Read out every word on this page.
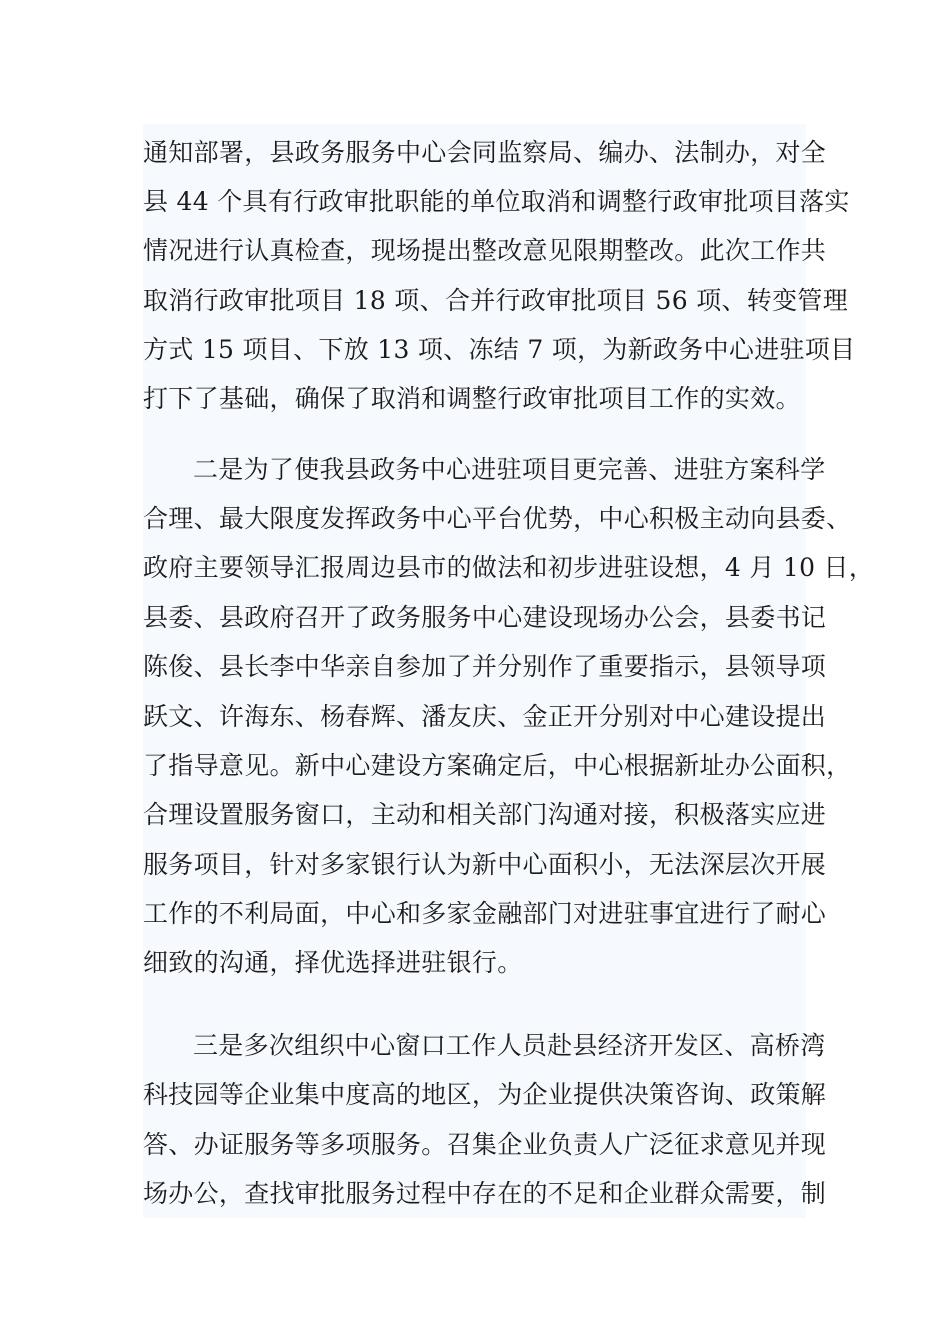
通知部署，县政务服务中心会同监察局、编办、法制办，对全
县 44 个具有行政审批职能的单位取消和调整行政审批项目落实
情况进行认真检查，现场提出整改意见限期整改。此次工作共
取消行政审批项目 18 项、合并行政审批项目 56 项、转变管理
方式 15 项目、下放 13 项、冻结 7 项，为新政务中心进驻项目
打下了基础，确保了取消和调整行政审批项目工作的实效。
二是为了使我县政务中心进驻项目更完善、进驻方案科学
合理、最大限度发挥政务中心平台优势，中心积极主动向县委、
政府主要领导汇报周边县市的做法和初步进驻设想，4 月 10 日，
县委、县政府召开了政务服务中心建设现场办公会，县委书记
陈俊、县长李中华亲自参加了并分别作了重要指示，县领导项
跃文、许海东、杨春辉、潘友庆、金正开分别对中心建设提出
了指导意见。新中心建设方案确定后，中心根据新址办公面积，
合理设置服务窗口，主动和相关部门沟通对接，积极落实应进
服务项目，针对多家银行认为新中心面积小，无法深层次开展
工作的不利局面，中心和多家金融部门对进驻事宜进行了耐心
细致的沟通，择优选择进驻银行。
三是多次组织中心窗口工作人员赴县经济开发区、高桥湾
科技园等企业集中度高的地区，为企业提供决策咨询、政策解
答、办证服务等多项服务。召集企业负责人广泛征求意见并现
场办公，查找审批服务过程中存在的不足和企业群众需要，制
